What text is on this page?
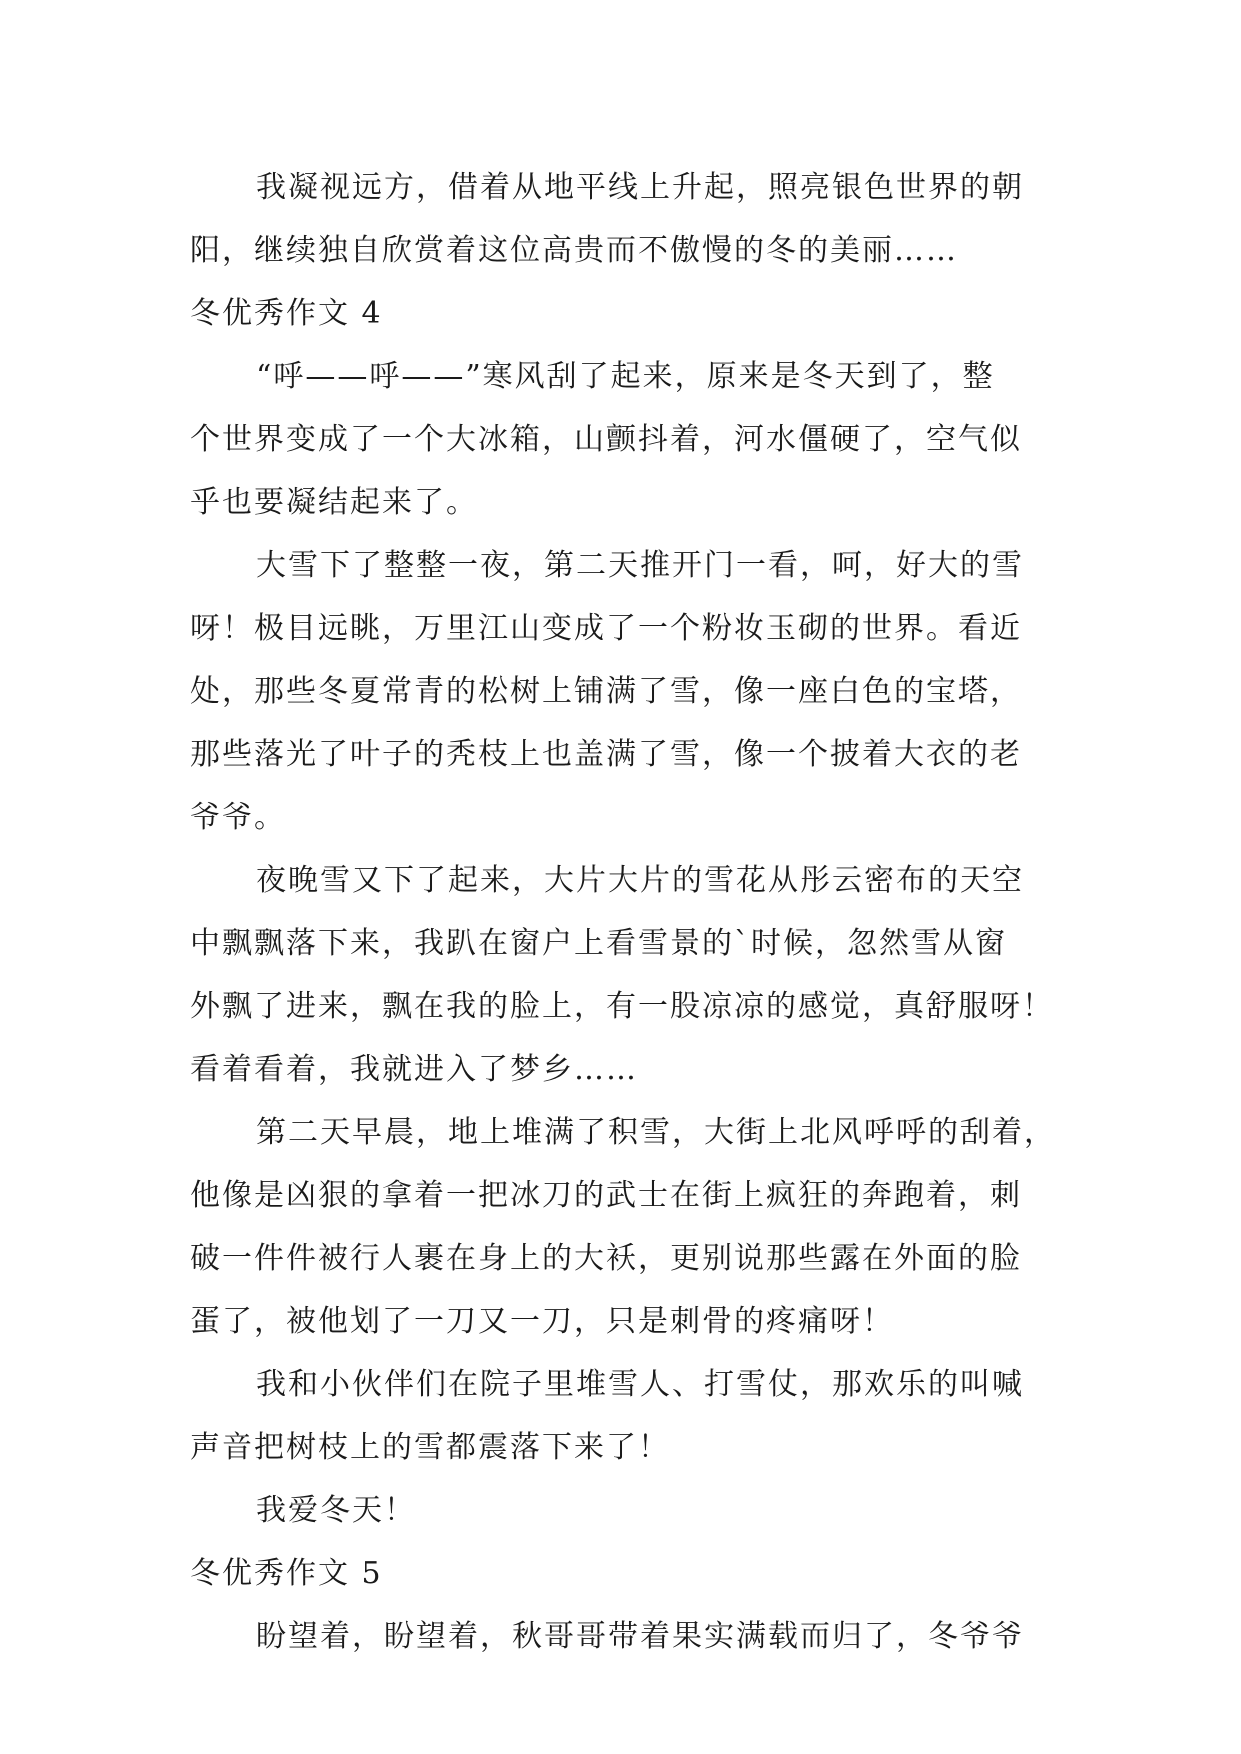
我凝视远方，借着从地平线上升起，照亮银色世界的朝
阳，继续独自欣赏着这位高贵而不傲慢的冬的美丽……
冬优秀作文 4
“呼——呼——”寒风刮了起来，原来是冬天到了，整
个世界变成了一个大冰箱，山颤抖着，河水僵硬了，空气似
乎也要凝结起来了。
大雪下了整整一夜，第二天推开门一看，呵，好大的雪
呀！极目远眺，万里江山变成了一个粉妆玉砌的世界。看近
处，那些冬夏常青的松树上铺满了雪，像一座白色的宝塔，
那些落光了叶子的秃枝上也盖满了雪，像一个披着大衣的老
爷爷。
夜晚雪又下了起来，大片大片的雪花从彤云密布的天空
中飘飘落下来，我趴在窗户上看雪景的`时候，忽然雪从窗
外飘了进来，飘在我的脸上，有一股凉凉的感觉，真舒服呀！
看着看着，我就进入了梦乡……
第二天早晨，地上堆满了积雪，大街上北风呼呼的刮着，
他像是凶狠的拿着一把冰刀的武士在街上疯狂的奔跑着，刺
破一件件被行人裹在身上的大袄，更别说那些露在外面的脸
蛋了，被他划了一刀又一刀，只是刺骨的疼痛呀！
我和小伙伴们在院子里堆雪人、打雪仗，那欢乐的叫喊
声音把树枝上的雪都震落下来了！
我爱冬天！
冬优秀作文 5
盼望着，盼望着，秋哥哥带着果实满载而归了，冬爷爷
